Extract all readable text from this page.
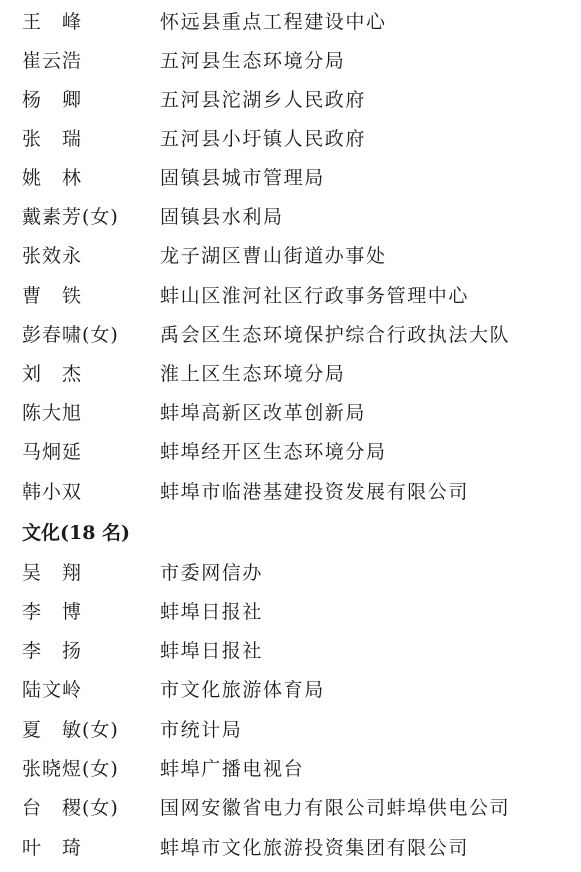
王　峰	怀远县重点工程建设中心
崔云浩	五河县生态环境分局
杨　卿	五河县沱湖乡人民政府
张　瑞	五河县小圩镇人民政府
姚　林	固镇县城市管理局
戴素芳(女) 固镇县水利局
张效永	龙子湖区曹山街道办事处
曹　铁	蚌山区淮河社区行政事务管理中心
彭春啸(女) 禹会区生态环境保护综合行政执法大队
刘　杰	淮上区生态环境分局
陈大旭	蚌埠高新区改革创新局
马炯延	蚌埠经开区生态环境分局
韩小双	蚌埠市临港基建投资发展有限公司
文化(18 名)
吴　翔	市委网信办
李　博	蚌埠日报社
李　扬	蚌埠日报社
陆文岭	市文化旅游体育局
夏　敏(女) 市统计局
张晓煜(女) 蚌埠广播电视台
台　稷(女) 国网安徽省电力有限公司蚌埠供电公司
叶　琦	蚌埠市文化旅游投资集团有限公司
